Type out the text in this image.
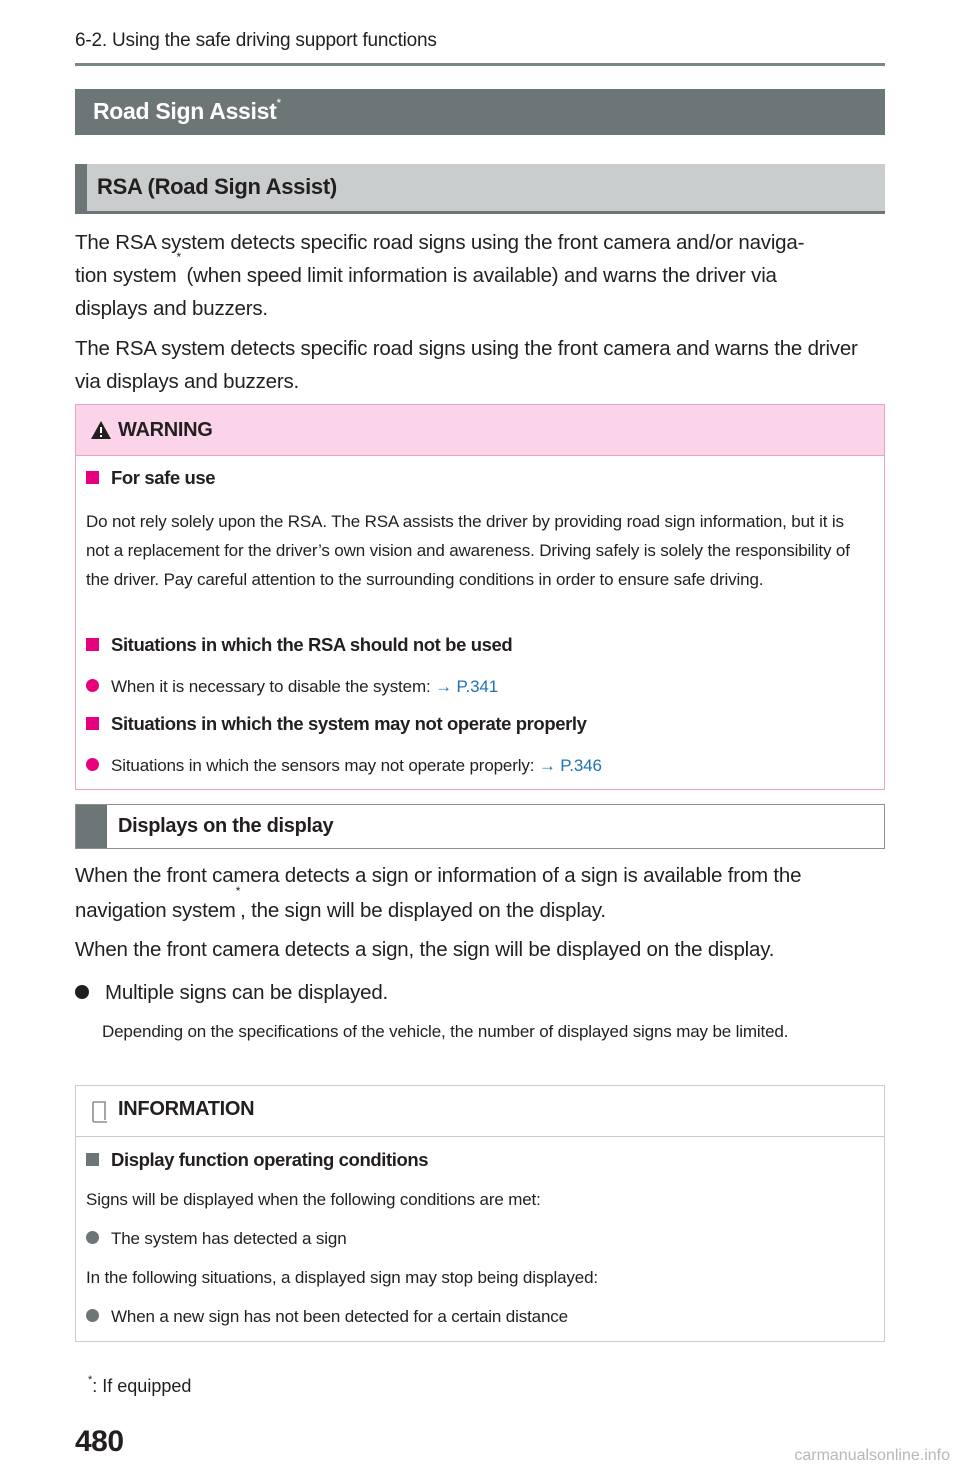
6-2. Using the safe driving support functions
Road Sign Assist*
RSA (Road Sign Assist)
The RSA system detects specific road signs using the front camera and/or naviga-
tion system* (when speed limit information is available) and warns the driver via
displays and buzzers.
The RSA system detects specific road signs using the front camera and warns the driver via displays and buzzers.
WARNING
For safe use
Do not rely solely upon the RSA. The RSA assists the driver by providing road sign information, but it is not a replacement for the driver’s own vision and awareness. Driving safely is solely the responsibility of the driver. Pay careful attention to the surrounding conditions in order to ensure safe driving.
Situations in which the RSA should not be used
When it is necessary to disable the system: → P.341
Situations in which the system may not operate properly
Situations in which the sensors may not operate properly: → P.346
Displays on the display
When the front camera detects a sign or information of a sign is available from the navigation system*, the sign will be displayed on the display.
When the front camera detects a sign, the sign will be displayed on the display.
Multiple signs can be displayed.
Depending on the specifications of the vehicle, the number of displayed signs may be limited.
INFORMATION
Display function operating conditions
Signs will be displayed when the following conditions are met:
The system has detected a sign
In the following situations, a displayed sign may stop being displayed:
When a new sign has not been detected for a certain distance
*: If equipped
480	carmanualsonline.info
